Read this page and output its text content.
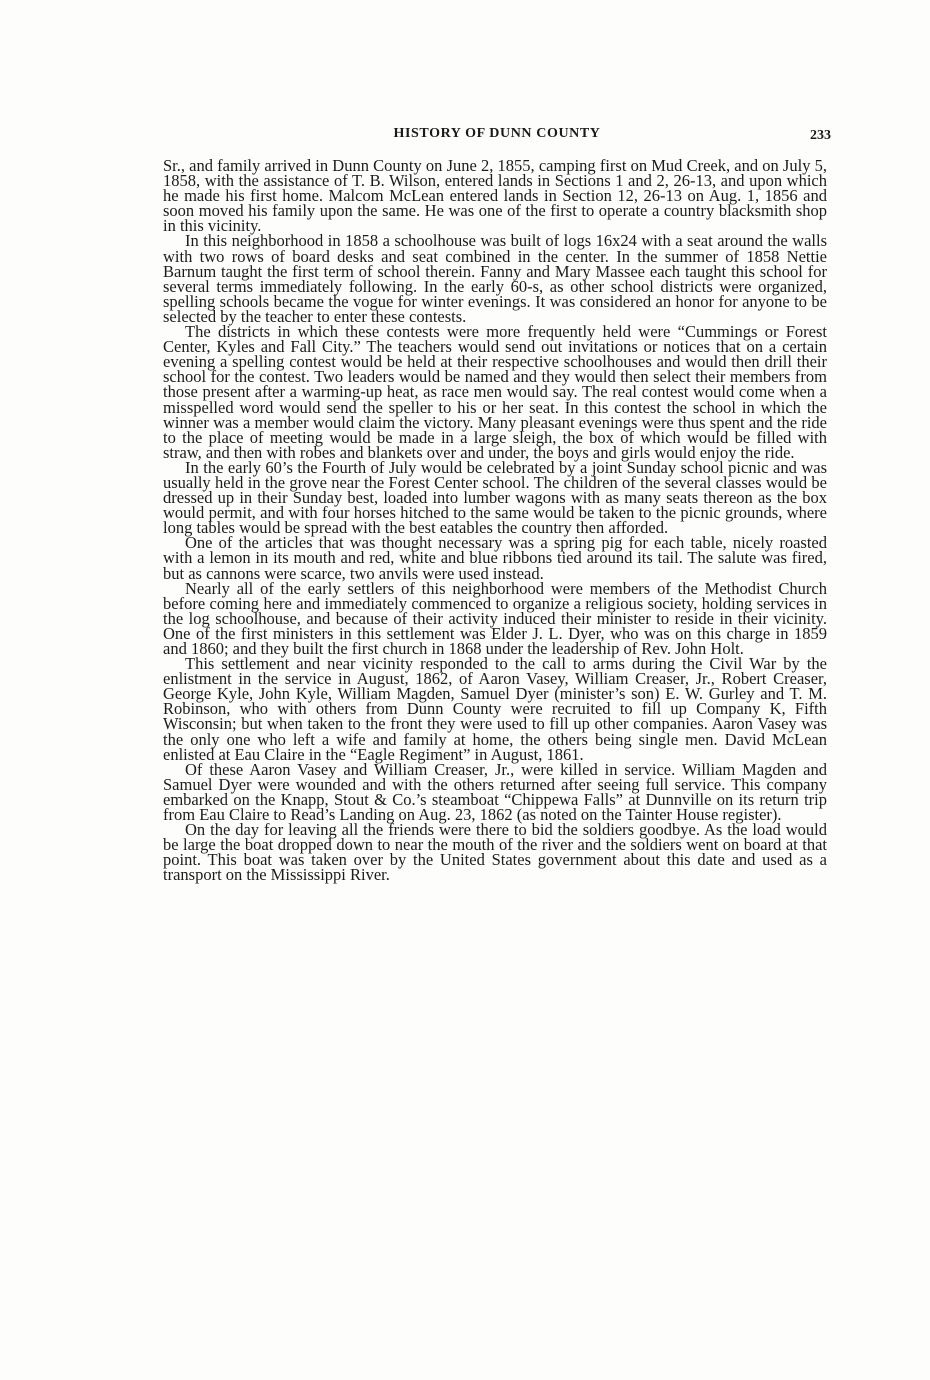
HISTORY OF DUNN COUNTY	233

Sr., and family arrived in Dunn County on June 2, 1855, camping first on Mud Creek, and on July 5, 1858, with the assistance of T. B. Wilson, entered lands in Sections 1 and 2, 26-13, and upon which he made his first home. Malcom McLean entered lands in Section 12, 26-13 on Aug. 1, 1856 and soon moved his family upon the same. He was one of the first to operate a country blacksmith shop in this vicinity.

In this neighborhood in 1858 a schoolhouse was built of logs 16x24 with a seat around the walls with two rows of board desks and seat combined in the center. In the summer of 1858 Nettie Barnum taught the first term of school therein. Fanny and Mary Massee each taught this school for several terms immediately following. In the early 60-s, as other school districts were organized, spelling schools became the vogue for winter evenings. It was considered an honor for anyone to be selected by the teacher to enter these contests.

The districts in which these contests were more frequently held were “Cummings or Forest Center, Kyles and Fall City.” The teachers would send out invitations or notices that on a certain evening a spelling contest would be held at their respective schoolhouses and would then drill their school for the contest. Two leaders would be named and they would then select their members from those present after a warming-up heat, as race men would say. The real contest would come when a misspelled word would send the speller to his or her seat. In this contest the school in which the winner was a member would claim the victory. Many pleasant evenings were thus spent and the ride to the place of meeting would be made in a large sleigh, the box of which would be filled with straw, and then with robes and blankets over and under, the boys and girls would enjoy the ride.

In the early 60’s the Fourth of July would be celebrated by a joint Sunday school picnic and was usually held in the grove near the Forest Center school. The children of the several classes would be dressed up in their Sunday best, loaded into lumber wagons with as many seats thereon as the box would permit, and with four horses hitched to the same would be taken to the picnic grounds, where long tables would be spread with the best eatables the country then afforded.

One of the articles that was thought necessary was a spring pig for each table, nicely roasted with a lemon in its mouth and red, white and blue ribbons tied around its tail. The salute was fired, but as cannons were scarce, two anvils were used instead.

Nearly all of the early settlers of this neighborhood were members of the Methodist Church before coming here and immediately commenced to organize a religious society, holding services in the log schoolhouse, and because of their activity induced their minister to reside in their vicinity. One of the first ministers in this settlement was Elder J. L. Dyer, who was on this charge in 1859 and 1860; and they built the first church in 1868 under the leadership of Rev. John Holt.

This settlement and near vicinity responded to the call to arms during the Civil War by the enlistment in the service in August, 1862, of Aaron Vasey, William Creaser, Jr., Robert Creaser, George Kyle, John Kyle, William Magden, Samuel Dyer (minister’s son) E. W. Gurley and T. M. Robinson, who with others from Dunn County were recruited to fill up Company K, Fifth Wisconsin; but when taken to the front they were used to fill up other companies. Aaron Vasey was the only one who left a wife and family at home, the others being single men. David McLean enlisted at Eau Claire in the “Eagle Regiment” in August, 1861.

Of these Aaron Vasey and William Creaser, Jr., were killed in service. William Magden and Samuel Dyer were wounded and with the others returned after seeing full service. This company embarked on the Knapp, Stout & Co.’s steamboat “Chippewa Falls” at Dunnville on its return trip from Eau Claire to Read’s Landing on Aug. 23, 1862 (as noted on the Tainter House register).

On the day for leaving all the friends were there to bid the soldiers goodbye. As the load would be large the boat dropped down to near the mouth of the river and the soldiers went on board at that point. This boat was taken over by the United States government about this date and used as a transport on the Mississippi River.
